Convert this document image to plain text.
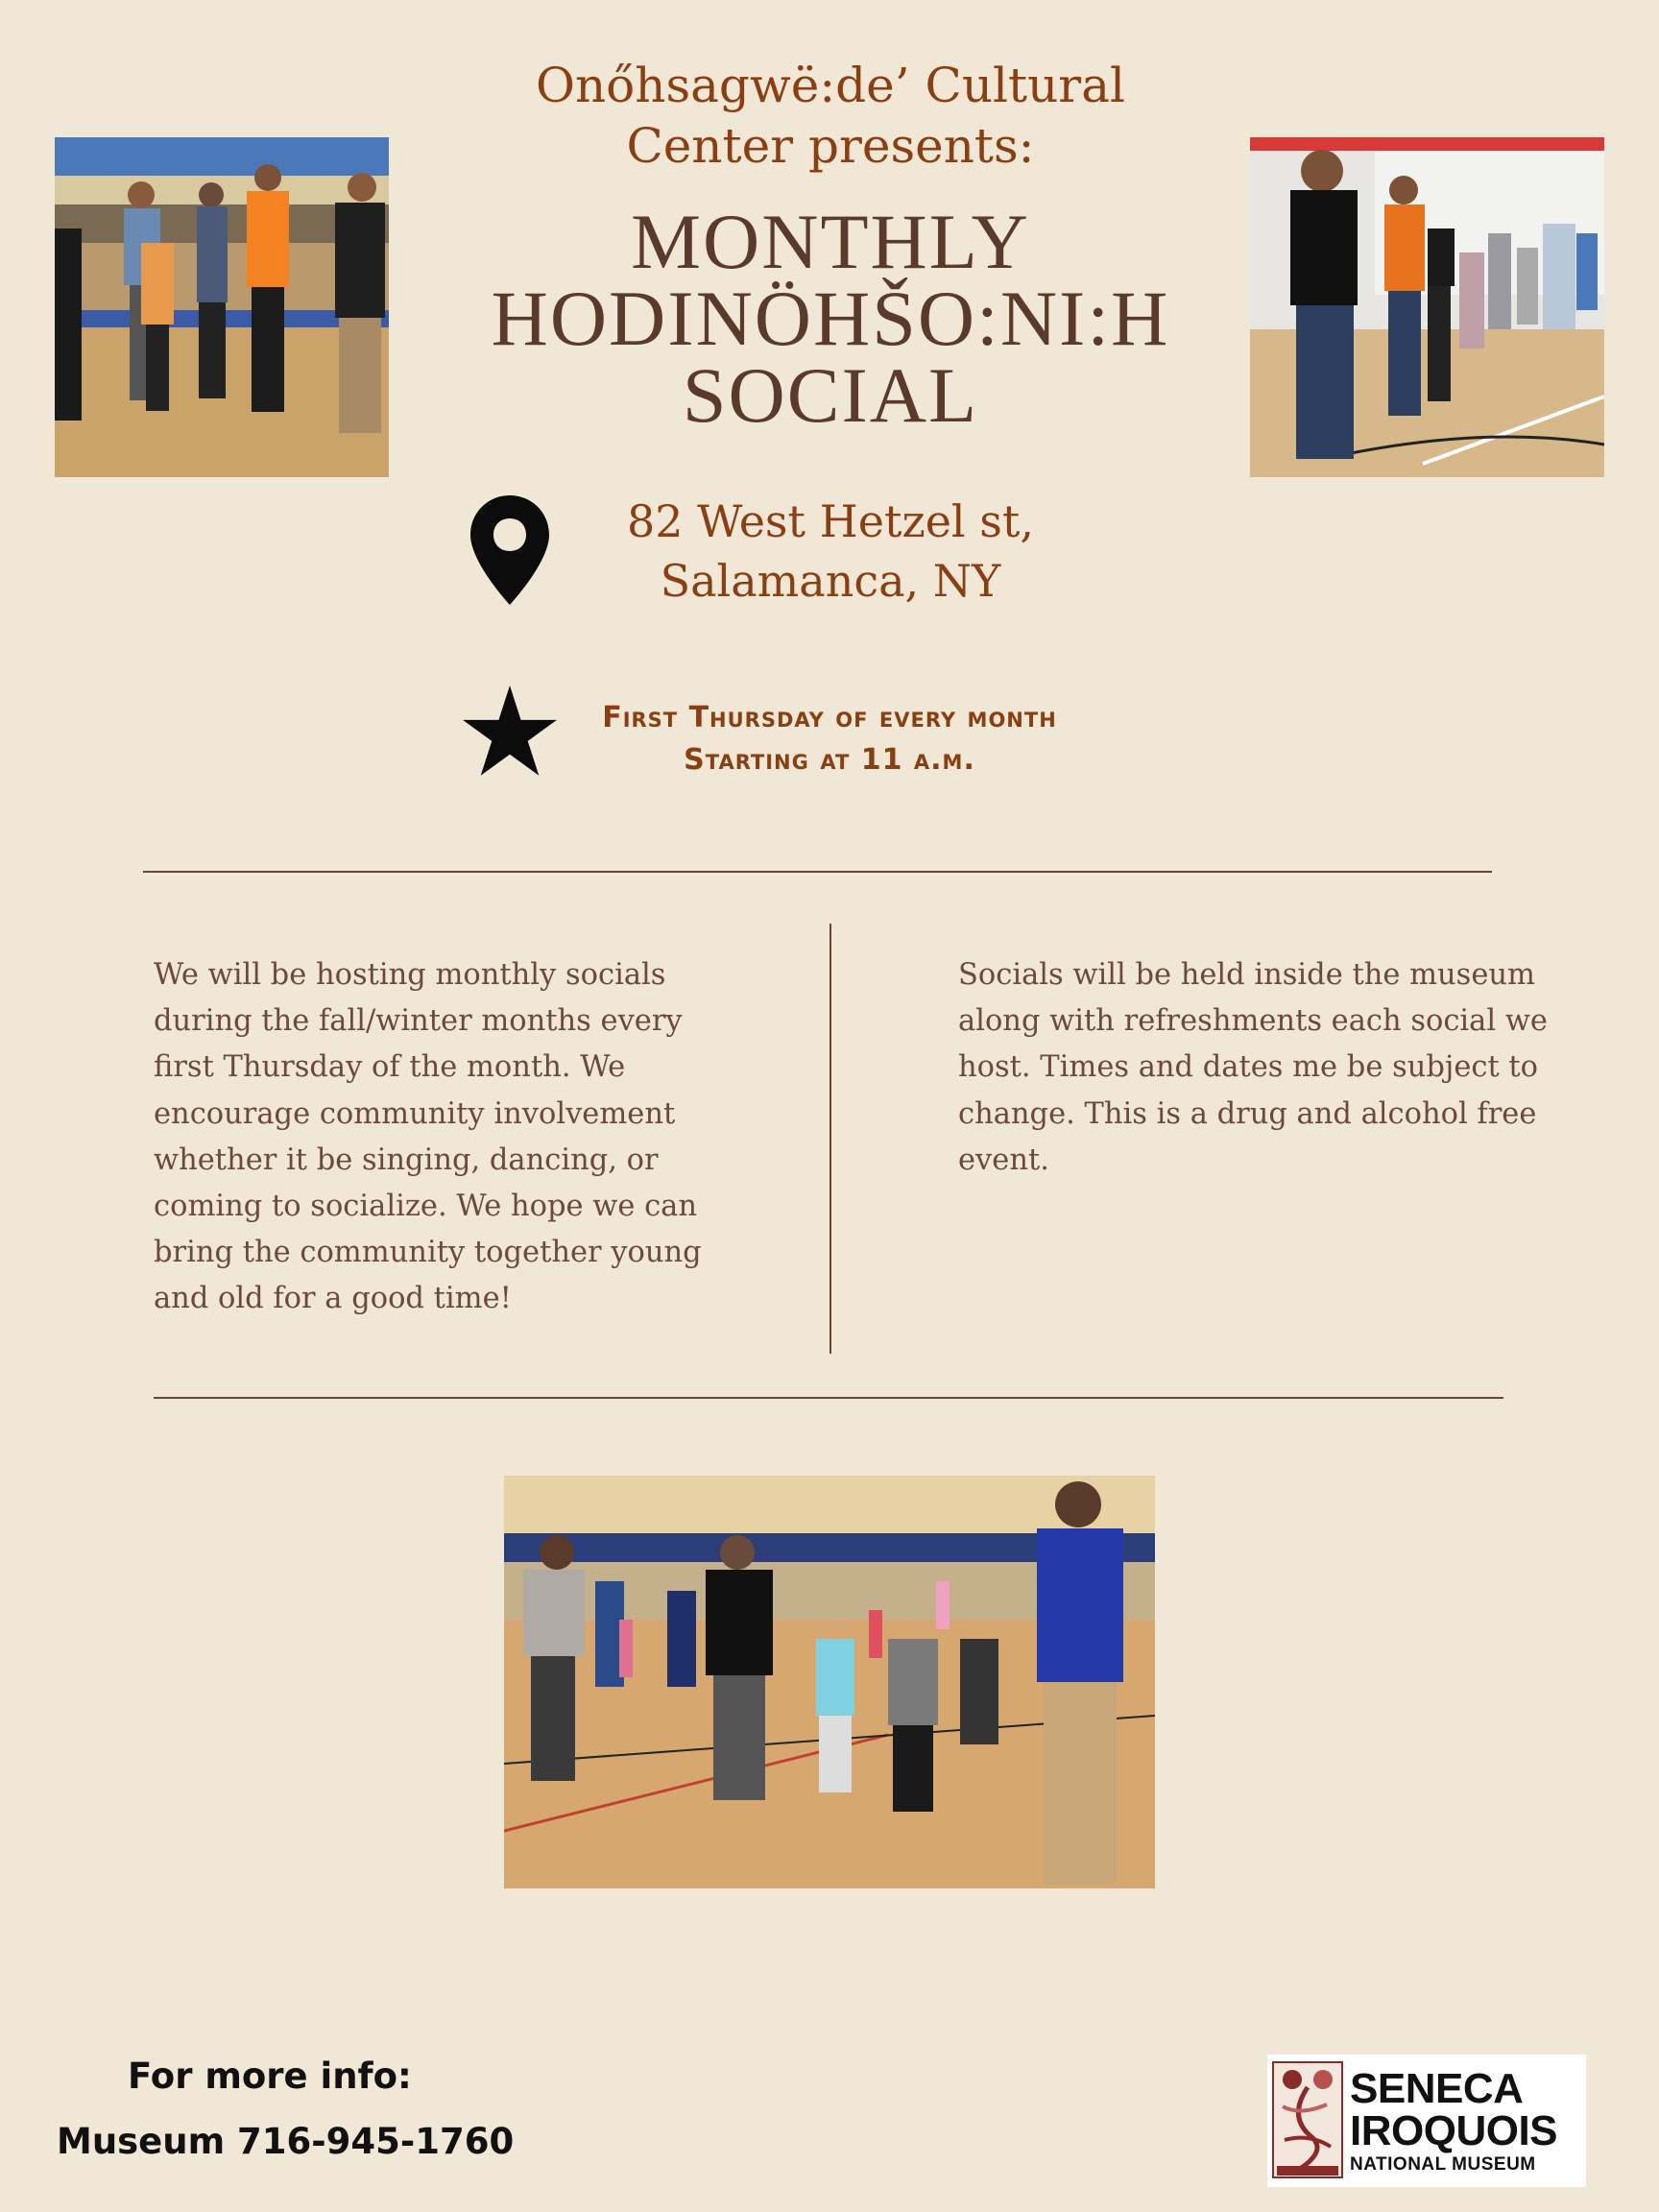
Onőhsagwë:de’ Cultural
Center presents:
MONTHLY
HODINÖHŠO:NI:H
SOCIAL
82 West Hetzel st,
Salamanca, NY
First Thursday of every month
Starting at 11 a.m.

We will be hosting monthly socials during the fall/winter months every first Thursday of the month. We encourage community involvement whether it be singing, dancing, or coming to socialize. We hope we can bring the community together young and old for a good time!

Socials will be held inside the museum along with refreshments each social we host. Times and dates me be subject to change. This is a drug and alcohol free event.

For more info:
Museum 716-945-1760
SENECA
IROQUOIS
NATIONAL MUSEUM
